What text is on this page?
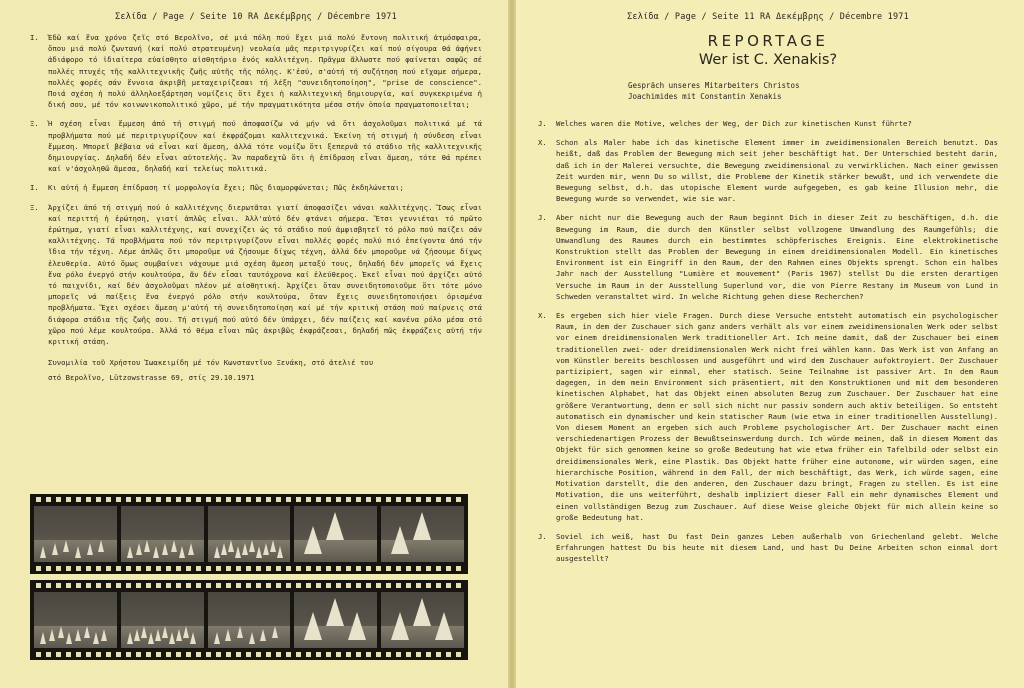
Σελίδα / Page / Seite 10 RA Δεκέμβρης / Décembre 1971
I.	Ἐδῶ καί ἕνα χρόνο ζεῖς στό Βερολῖνο, σέ μιά πόλη πού ἔχει μιά πολύ ἔντονη πολιτική ἀτμόσφαιρα, ὅπου μιά πολύ ζωντανή (καί πολύ στρατευμένη) νεολαία μᾶς περιτριγυρίζει καί πού σίγουρα θά ἀφήνει ἀδιάφορο τό ἰδιαίτερα εὐαίσθητο αἰσθητήριο ἑνός καλλιτέχνη. Πρᾶγμα ἄλλωστε πού φαίνεται σαφῶς σέ πολλές πτυχές τῆς καλλιτεχνικῆς ζωῆς αὐτῆς τῆς πόλης. Κ'ἐσύ, σ'αὐτή τή συζήτηση πού εἴχαμε σήμερα, πολλές φορές σάν ἔννοια ἀκριβῆ μεταχειρίζεσαι τή λέξη "συνειδητοποίηση", "prise de conscience". Ποιά σχέση ἡ πολύ ἀλληλοεξάρτηση νομίζεις ὅτι ἔχει ἡ καλλιτεχνική δημιουργία, καί συγκεκριμένα ἡ δική σου, μέ τόν κοινωνικοπολιτικό χῶρο, μέ τήν πραγματικότητα μέσα στήν ὁποία πραγματοποιεῖται;
Ξ.	Ἡ σχέση εἶναι ἔμμεση ἀπό τή στιγμή πού ἀποφασίζω νά μήν νά ὅτι ἀσχολοῦμαι πολιτικά μέ τά προβλήματα πού μέ περιτριγυρίζουν καί ἐκφράζομαι καλλιτεχνικά. Ἐκείνη τή στιγμή ἡ σύνδεση εἶναι ἔμμεση. Μπορεῖ βέβαια νά εἶναι καί ἄμεση, ἀλλά τότε νομίζω ὅτι ξεπερνᾶ τό στάδιο τῆς καλλιτεχνικῆς δημιουργίας. Δηλαδή δέν εἶναι αὐτοτελής. Ἄν παραδεχτῶ ὅτι ἡ ἐπίδραση εἶναι ἄμεση, τότε θά πρέπει καί ν'ἀσχοληθῶ ἄμεσα, δηλαδή καί τελείως πολιτικά.
I.	Κι αὐτή ἡ ἔμμεση ἐπίδραση τί μορφολογία ἔχει; Πῶς διαμορφώνεται; Πῶς ἐκδηλώνεται;
Ξ.	Ἀρχίζει ἀπό τή στιγμή πού ὁ καλλιτέχνης διερωτᾶται γιατί ἀποφασίζει νάναι καλλιτέχνης. Ἴσως εἶναι καί περιττή ἡ ἐρώτηση, γιατί ἁπλῶς εἶναι. Ἀλλ'αὐτό δέν φτάνει σήμερα. Ἔτσι γεννιέται τό πρῶτο ἐρώτημα, γιατί εἶναι καλλιτέχνης, καί συνεχίζει ὡς τό στάδιο πού ἀμφισβητεῖ τό ρόλο πού παίζει σάν καλλιτέχνης. Τά προβλήματα πού τόν περιτριγυρίζουν εἶναι πολλές φορές πολύ πιό ἐπείγοντα ἀπό τήν ἴδια τήν τέχνη. Λέμε ἁπλῶς ὅτι μποροῦμε νά ζήσουμε δίχως τέχνη, ἀλλά δέν μποροῦμε νά ζήσουμε δίχως ἐλευθερία. Αὐτό ὅμως συμβαίνει νάχουμε μιά σχέση ἄμεση μεταξύ τους, δηλαδή δέν μπορεῖς νά ἔχεις ἕνα ρόλο ἐνεργό στήν κουλτούρα, ἄν δέν εἶσαι ταυτόχρονα καί ἐλεύθερος. Ἐκεῖ εἶναι πού ἀρχίζει αὐτό τό παιχνίδι, καί δέν ἀσχολοῦμαι πλέον μέ αἰσθητική. Ἀρχίζει ὅταν συνειδητοποιοῦμε ὅτι τότε μόνο μπορεῖς νά παίξεις ἕνα ἐνεργό ρόλο στήν κουλτούρα, ὅταν ἔχεις συνειδητοποιήσει ὁρισμένα προβλήματα. Ἔχει σχέσει ἄμεση μ'αὐτή τή συνειδητοποίηση καί μέ τήν κριτική στάση πού παίρνεις στά διάφορα στάδια τῆς ζωῆς σου. Τή στιγμή πού αὐτό δέν ὑπάρχει, δέν παίζεις καί κανένα ρόλο μέσα στό χῶρο πού λέμε κουλτούρα. Ἀλλά τό θέμα εἶναι πῶς ἀκριβῶς ἐκφράζεσαι, δηλαδή πῶς ἐκφράζεις αὐτή τήν κριτική στάση.
Συνομιλία τοῦ Χρήστου Ἰωακειμίδη μέ τόν Κωνσταντῖνο Ξενάκη, στό ἀτελιέ του
στό Βερολῖνο, Lützowstrasse 69, στίς 29.10.1971
Σελίδα / Page / Seite 11 RA Δεκέμβρης / Décembre 1971
REPORTAGE
Wer ist C. Xenakis?
Gespräch unseres Mitarbeiters Christos
Joachimides mit Constantin Xenakis
J.	Welches waren die Motive, welches der Weg, der Dich zur kinetischen Kunst führte?
X.	Schon als Maler habe ich das kinetische Element immer im zweidimensionalen Bereich benutzt. Das heißt, daß das Problem der Bewegung mich seit jeher beschäftigt hat. Der Unterschied besteht darin, daß ich in der Malerei versuchte, die Bewegung zweidimensional zu verwirklichen. Nach einer gewissen Zeit wurden mir, wenn Du so willst, die Probleme der Kinetik stärker bewußt, und ich verwendete die Bewegung selbst, d.h. das utopische Element wurde aufgegeben, es gab keine Illusion mehr, die Bewegung wurde so verwendet, wie sie war.
J.	Aber nicht nur die Bewegung auch der Raum beginnt Dich in dieser Zeit zu beschäftigen, d.h. die Bewegung im Raum, die durch den Künstler selbst vollzogene Umwandlung des Raumgefühls; die Umwandlung des Raumes durch ein bestimmtes schöpferisches Ereignis. Eine elektrokinetische Konstruktion stellt das Problem der Bewegung in einem dreidimensionalen Modell. Ein kinetisches Environment ist ein Eingriff in den Raum, der den Rahmen eines Objekts sprengt. Schon ein halbes Jahr nach der Ausstellung "Lumière et mouvement" (Paris 1967) stellst Du die ersten derartigen Versuche im Raum in der Ausstellung Superlund vor, die von Pierre Restany im Museum von Lund in Schweden veranstaltet wird. In welche Richtung gehen diese Recherchen?
X.	Es ergeben sich hier viele Fragen. Durch diese Versuche entsteht automatisch ein psychologischer Raum, in dem der Zuschauer sich ganz anders verhält als vor einem zweidimensionalen Werk oder selbst vor einem dreidimensionalen Werk traditioneller Art. Ich meine damit, daß der Zuschauer bei einem traditionellen zwei- oder dreidimensionalen Werk nicht frei wählen kann. Das Werk ist von Anfang an vom Künstler bereits beschlossen und ausgeführt und wird dem Zuschauer aufoktroyiert. Der Zuschauer partizipiert, sagen wir einmal, eher statisch. Seine Teilnahme ist passiver Art. In dem Raum dagegen, in dem mein Environment sich präsentiert, mit den Konstruktionen und mit dem besonderen kinetischen Alphabet, hat das Objekt einen absoluten Bezug zum Zuschauer. Der Zuschauer hat eine größere Verantwortung, denn er soll sich nicht nur passiv sondern auch aktiv beteiligen. So entsteht automatisch ein dynamischer und kein statischer Raum (wie etwa in einer traditionellen Ausstellung). Von diesem Moment an ergeben sich auch Probleme psychologischer Art. Der Zuschauer macht einen verschiedenartigen Prozess der Bewußtseinswerdung durch. Ich würde meinen, daß in diesem Moment das Objekt für sich genommen keine so große Bedeutung hat wie etwa früher ein Tafelbild oder selbst ein dreidimensionales Werk, eine Plastik. Das Objekt hatte früher eine autonome, wir würden sagen, eine hierarchische Position, während in dem Fall, der mich beschäftigt, das Werk, ich würde sagen, eine Motivation darstellt, die den anderen, den Zuschauer dazu bringt, Fragen zu stellen. Es ist eine Motivation, die uns weiterführt, deshalb impliziert dieser Fall ein mehr dynamisches Element und einen vollständigen Bezug zum Zuschauer. Auf diese Weise gleiche Objekt für mich allein keine so große Bedeutung hat.
J.	Soviel ich weiß, hast Du fast Dein ganzes Leben außerhalb von Griechenland gelebt. Welche Erfahrungen hattest Du bis heute mit diesem Land, und hast Du Deine Arbeiten schon einmal dort ausgestellt?
